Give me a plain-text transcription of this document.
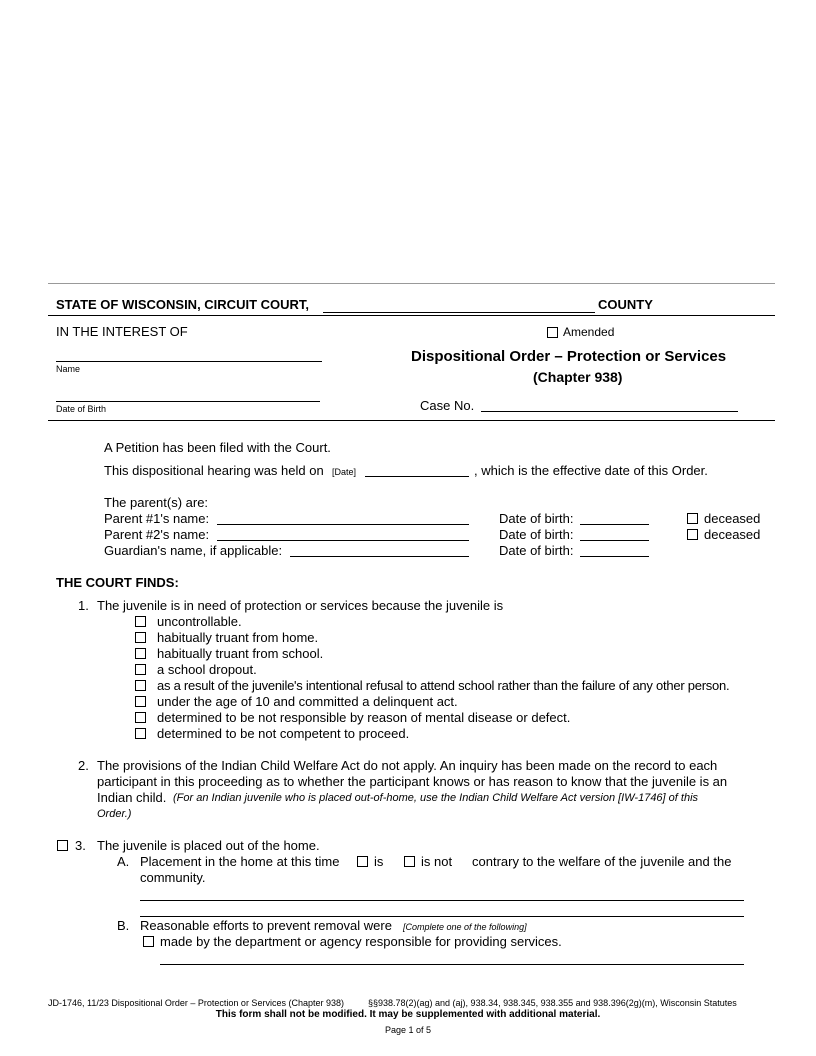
STATE OF WISCONSIN, CIRCUIT COURT,	COUNTY
IN THE INTEREST OF	Amended
Dispositional Order – Protection or Services
(Chapter 938)
Name
Date of Birth	Case No.
A Petition has been filed with the Court.
This dispositional hearing was held on [Date]	, which is the effective date of this Order.
The parent(s) are:
Parent #1's name:	Date of birth:	deceased
Parent #2's name:	Date of birth:	deceased
Guardian's name, if applicable:	Date of birth:
THE COURT FINDS:
1. The juvenile is in need of protection or services because the juvenile is
uncontrollable.
habitually truant from home.
habitually truant from school.
a school dropout.
as a result of the juvenile's intentional refusal to attend school rather than the failure of any other person.
under the age of 10 and committed a delinquent act.
determined to be not responsible by reason of mental disease or defect.
determined to be not competent to proceed.
2. The provisions of the Indian Child Welfare Act do not apply. An inquiry has been made on the record to each
participant in this proceeding as to whether the participant knows or has reason to know that the juvenile is an
Indian child. (For an Indian juvenile who is placed out-of-home, use the Indian Child Welfare Act version [IW-1746] of this
Order.)
3. The juvenile is placed out of the home.
A. Placement in the home at this time	is	is not contrary to the welfare of the juvenile and the
community.
B. Reasonable efforts to prevent removal were [Complete one of the following]
made by the department or agency responsible for providing services.
JD-1746, 11/23 Dispositional Order – Protection or Services (Chapter 938)	§§938.78(2)(ag) and (aj), 938.34, 938.345, 938.355 and 938.396(2g)(m), Wisconsin Statutes
This form shall not be modified. It may be supplemented with additional material.
Page 1 of 5
